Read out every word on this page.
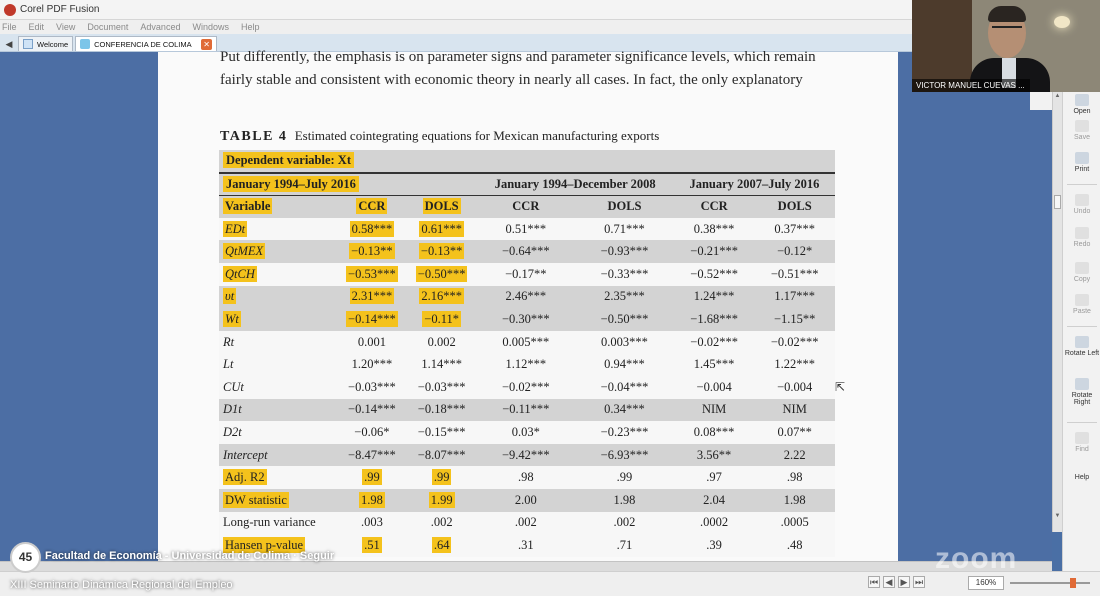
Corel PDF Fusion
File Edit View Document Advanced Windows Help
◀	Welcome	CONFERENCIA DE COLIMA ✕
Put differently, the emphasis is on parameter signs and parameter significance levels, which remain
fairly stable and consistent with economic theory in nearly all cases. In fact, the only explanatory
TABLE 4 Estimated cointegrating equations for Mexican manufacturing exports
Dependent variable: Xt						
January 1994–July 2016			January 1994–December 2008		January 2007–July 2016	
Variable	CCR	DOLS	CCR	DOLS	CCR	DOLS
EDt	0.58***	0.61***	0.51***	0.71***	0.38***	0.37***
QtMEX	−0.13**	−0.13**	−0.64***	−0.93***	−0.21***	−0.12*
QtCH	−0.53***	−0.50***	−0.17**	−0.33***	−0.52***	−0.51***
υt	2.31***	2.16***	2.46***	2.35***	1.24***	1.17***
Wt	−0.14***	−0.11*	−0.30***	−0.50***	−1.68***	−1.15**
Rt	0.001	0.002	0.005***	0.003***	−0.02***	−0.02***
Lt	1.20***	1.14***	1.12***	0.94***	1.45***	1.22***
CUt	−0.03***	−0.03***	−0.02***	−0.04***	−0.004	−0.004
D1t	−0.14***	−0.18***	−0.11***	0.34***	NIM	NIM
D2t	−0.06*	−0.15***	0.03*	−0.23***	0.08***	0.07**
Intercept	−8.47***	−8.07***	−9.42***	−6.93***	3.56**	2.22
Adj. R2	.99	.99	.98	.99	.97	.98
DW statistic	1.98	1.99	2.00	1.98	2.04	1.98
Long-run variance	.003	.002	.002	.002	.0002	.0005
Hansen p-value	.51	.64	.31	.71	.39	.48
⇱
▲
▼
Open
Save
Print
Undo
Redo
Copy
Paste
Rotate Left
Rotate Right
Find
Help
VICTOR MANUEL CUEVAS ...
⏮ ◀ ▶ ⏭	160%
45	Facultad de Economía - Universidad de Colima · Seguir	zoom
XIII Seminario Dinámica Regional del Empleo
